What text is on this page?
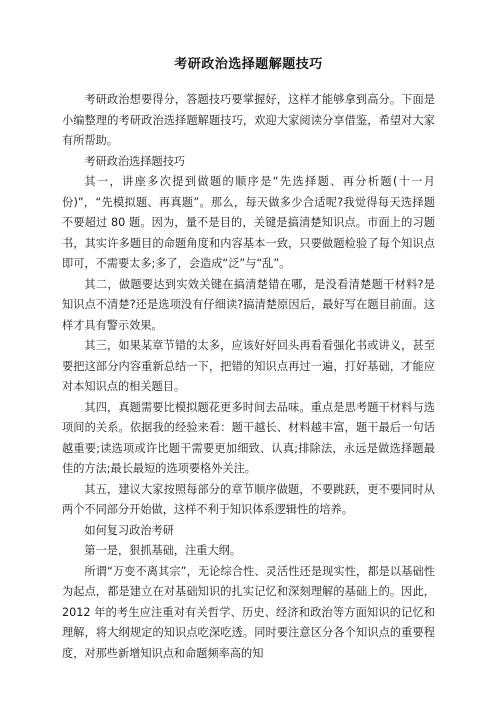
考研政治选择题解题技巧

考研政治想要得分，答题技巧要掌握好，这样才能够拿到高分。下面是小编整理的考研政治选择题解题技巧，欢迎大家阅读分享借鉴，希望对大家有所帮助。

考研政治选择题技巧

其一，讲座多次提到做题的顺序是“先选择题、再分析题(十一月份)”，“先模拟题、再真题”。那么，每天做多少合适呢?我觉得每天选择题不要超过 80 题。因为，量不是目的，关键是搞清楚知识点。市面上的习题书，其实许多题目的命题角度和内容基本一致，只要做题检验了每个知识点即可，不需要太多;多了，会造成“泛”与“乱”。

其二，做题要达到实效关键在搞清楚错在哪，是没看清楚题干材料?是知识点不清楚?还是选项没有仔细读?搞清楚原因后，最好写在题目前面。这样才具有警示效果。

其三，如果某章节错的太多，应该好好回头再看看强化书或讲义，甚至要把这部分内容重新总结一下，把错的知识点再过一遍，打好基础，才能应对本知识点的相关题目。

其四，真题需要比模拟题花更多时间去品味。重点是思考题干材料与选项间的关系。依据我的经验来看：题干越长、材料越丰富，题干最后一句话越重要;读选项或许比题干需要更加细致、认真;排除法，永远是做选择题最佳的方法;最长最短的选项要格外关注。

其五，建议大家按照每部分的章节顺序做题，不要跳跃，更不要同时从两个不同部分开始做，这样不利于知识体系逻辑性的培养。

如何复习政治考研

第一是，狠抓基础，注重大纲。

所谓“万变不离其宗”，无论综合性、灵活性还是现实性，都是以基础性为起点，都是建立在对基础知识的扎实记忆和深刻理解的基础上的。因此，2012 年的考生应注重对有关哲学、历史、经济和政治等方面知识的记忆和理解，将大纲规定的知识点吃深吃透。同时要注意区分各个知识点的重要程度，对那些新增知识点和命题频率高的知
